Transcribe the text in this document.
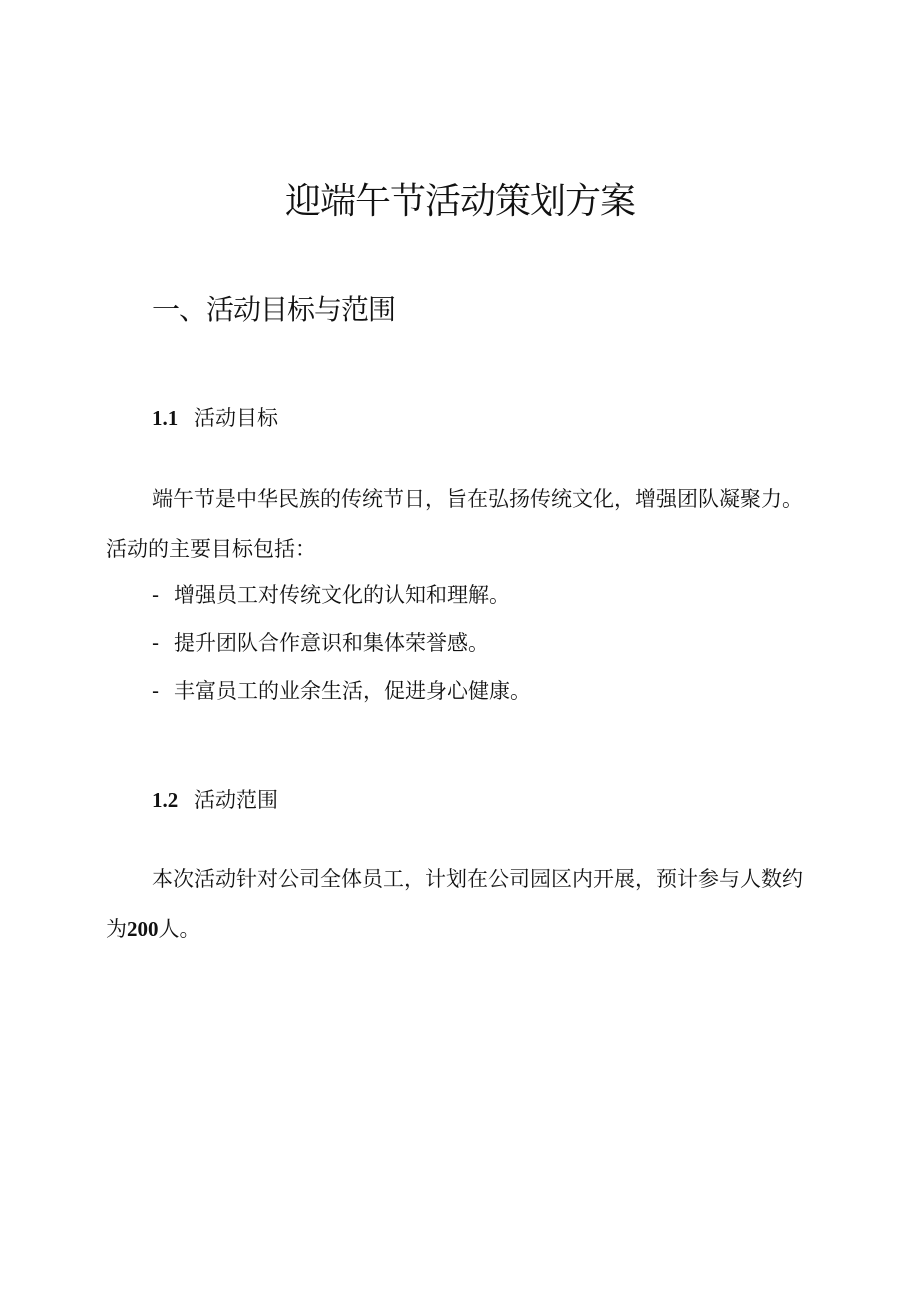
迎端午节活动策划方案
一、活动目标与范围
1.1 活动目标

端午节是中华民族的传统节日，旨在弘扬传统文化，增强团队凝聚力。活动的主要目标包括：

- 增强员工对传统文化的认知和理解。
- 提升团队合作意识和集体荣誉感。
- 丰富员工的业余生活，促进身心健康。
1.2 活动范围

本次活动针对公司全体员工，计划在公司园区内开展，预计参与人数约为200人。
